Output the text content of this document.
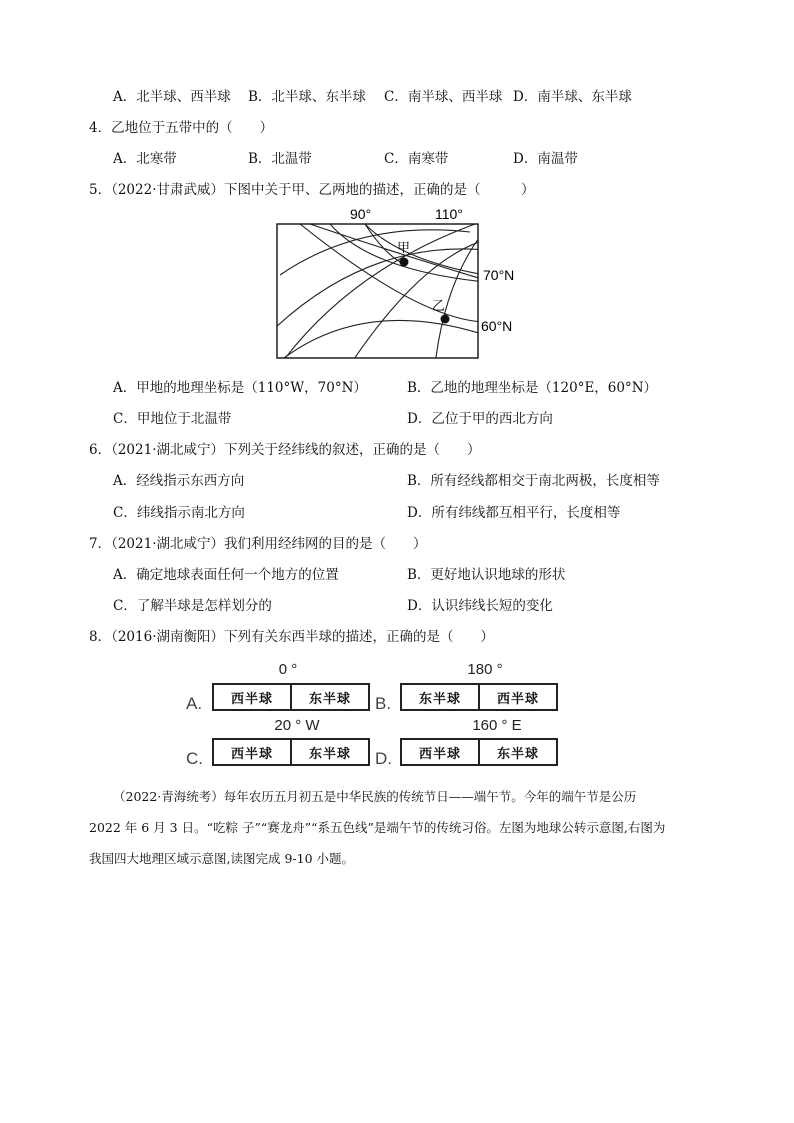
A．北半球、西半球 B．北半球、东半球 C．南半球、西半球 D．南半球、东半球
4．乙地位于五带中的（　　）
A．北寒带	B．北温带	C．南寒带	D．南温带
5．（2022·甘肃武威）下图中关于甲、乙两地的描述，正确的是（　　　）
90°	110°
70°N
60°N
甲
乙
A．甲地的地理坐标是（110°W，70°N）	B．乙地的地理坐标是（120°E，60°N）
C．甲地位于北温带	D．乙位于甲的西北方向
6．（2021·湖北咸宁）下列关于经纬线的叙述，正确的是（　　）
A．经线指示东西方向	B．所有经线都相交于南北两极，长度相等
C．纬线指示南北方向	D．所有纬线都互相平行，长度相等
7．（2021·湖北咸宁）我们利用经纬网的目的是（　　）
A．确定地球表面任何一个地方的位置	B．更好地认识地球的形状
C．了解半球是怎样划分的	D．认识纬线长短的变化
8．（2016·湖南衡阳）下列有关东西半球的描述，正确的是（　　）
0 °
A.	西半球	东半球
180 °
B.	东半球	西半球
20 ° W
C.	西半球	东半球
160 ° E
D.	西半球	东半球
（2022·青海统考）每年农历五月初五是中华民族的传统节日——端午节。今年的端午节是公历
2022 年 6 月 3 日。“吃粽 子”“赛龙舟”“系五色线”是端午节的传统习俗。左图为地球公转示意图,右图为
我国四大地理区域示意图,读图完成 9-10 小题。
